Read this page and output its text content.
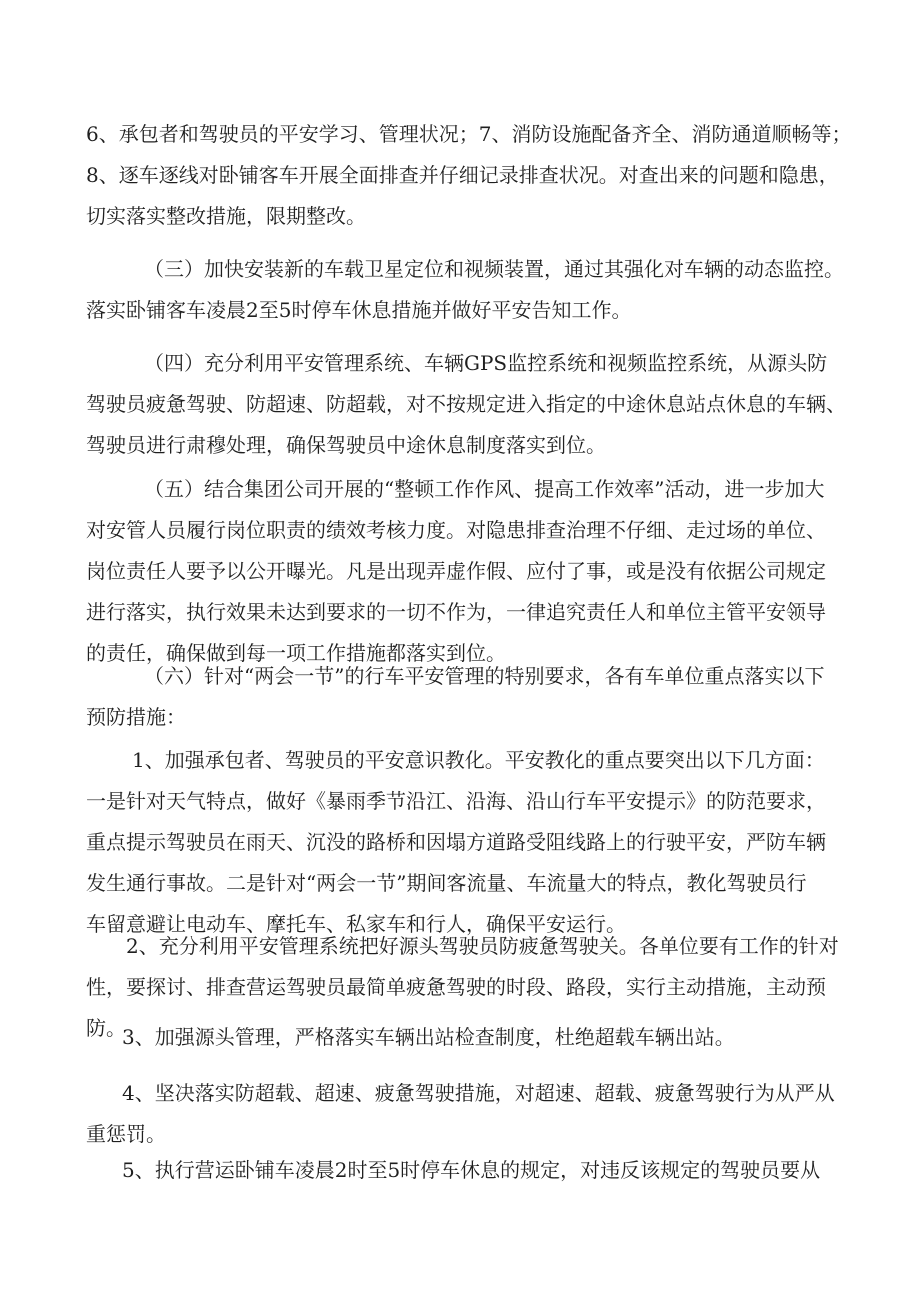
6、承包者和驾驶员的平安学习、管理状况；7、消防设施配备齐全、消防通道顺畅等；
8、逐车逐线对卧铺客车开展全面排查并仔细记录排查状况。对查出来的问题和隐患，
切实落实整改措施，限期整改。
（三）加快安装新的车载卫星定位和视频装置，通过其强化对车辆的动态监控。
落实卧铺客车凌晨2至5时停车休息措施并做好平安告知工作。
（四）充分利用平安管理系统、车辆GPS监控系统和视频监控系统，从源头防
驾驶员疲惫驾驶、防超速、防超载，对不按规定进入指定的中途休息站点休息的车辆、
驾驶员进行肃穆处理，确保驾驶员中途休息制度落实到位。
（五）结合集团公司开展的“整顿工作作风、提高工作效率”活动，进一步加大
对安管人员履行岗位职责的绩效考核力度。对隐患排查治理不仔细、走过场的单位、
岗位责任人要予以公开曝光。凡是出现弄虚作假、应付了事，或是没有依据公司规定
进行落实，执行效果未达到要求的一切不作为，一律追究责任人和单位主管平安领导
的责任，确保做到每一项工作措施都落实到位。
（六）针对“两会一节”的行车平安管理的特别要求，各有车单位重点落实以下
预防措施：
1、加强承包者、驾驶员的平安意识教化。平安教化的重点要突出以下几方面：
一是针对天气特点，做好《暴雨季节沿江、沿海、沿山行车平安提示》的防范要求，
重点提示驾驶员在雨天、沉没的路桥和因塌方道路受阻线路上的行驶平安，严防车辆
发生通行事故。二是针对“两会一节”期间客流量、车流量大的特点，教化驾驶员行
车留意避让电动车、摩托车、私家车和行人，确保平安运行。
2、充分利用平安管理系统把好源头驾驶员防疲惫驾驶关。各单位要有工作的针对
性，要探讨、排查营运驾驶员最简单疲惫驾驶的时段、路段，实行主动措施，主动预
防。
3、加强源头管理，严格落实车辆出站检查制度，杜绝超载车辆出站。
4、坚决落实防超载、超速、疲惫驾驶措施，对超速、超载、疲惫驾驶行为从严从
重惩罚。
5、执行营运卧铺车凌晨2时至5时停车休息的规定，对违反该规定的驾驶员要从
